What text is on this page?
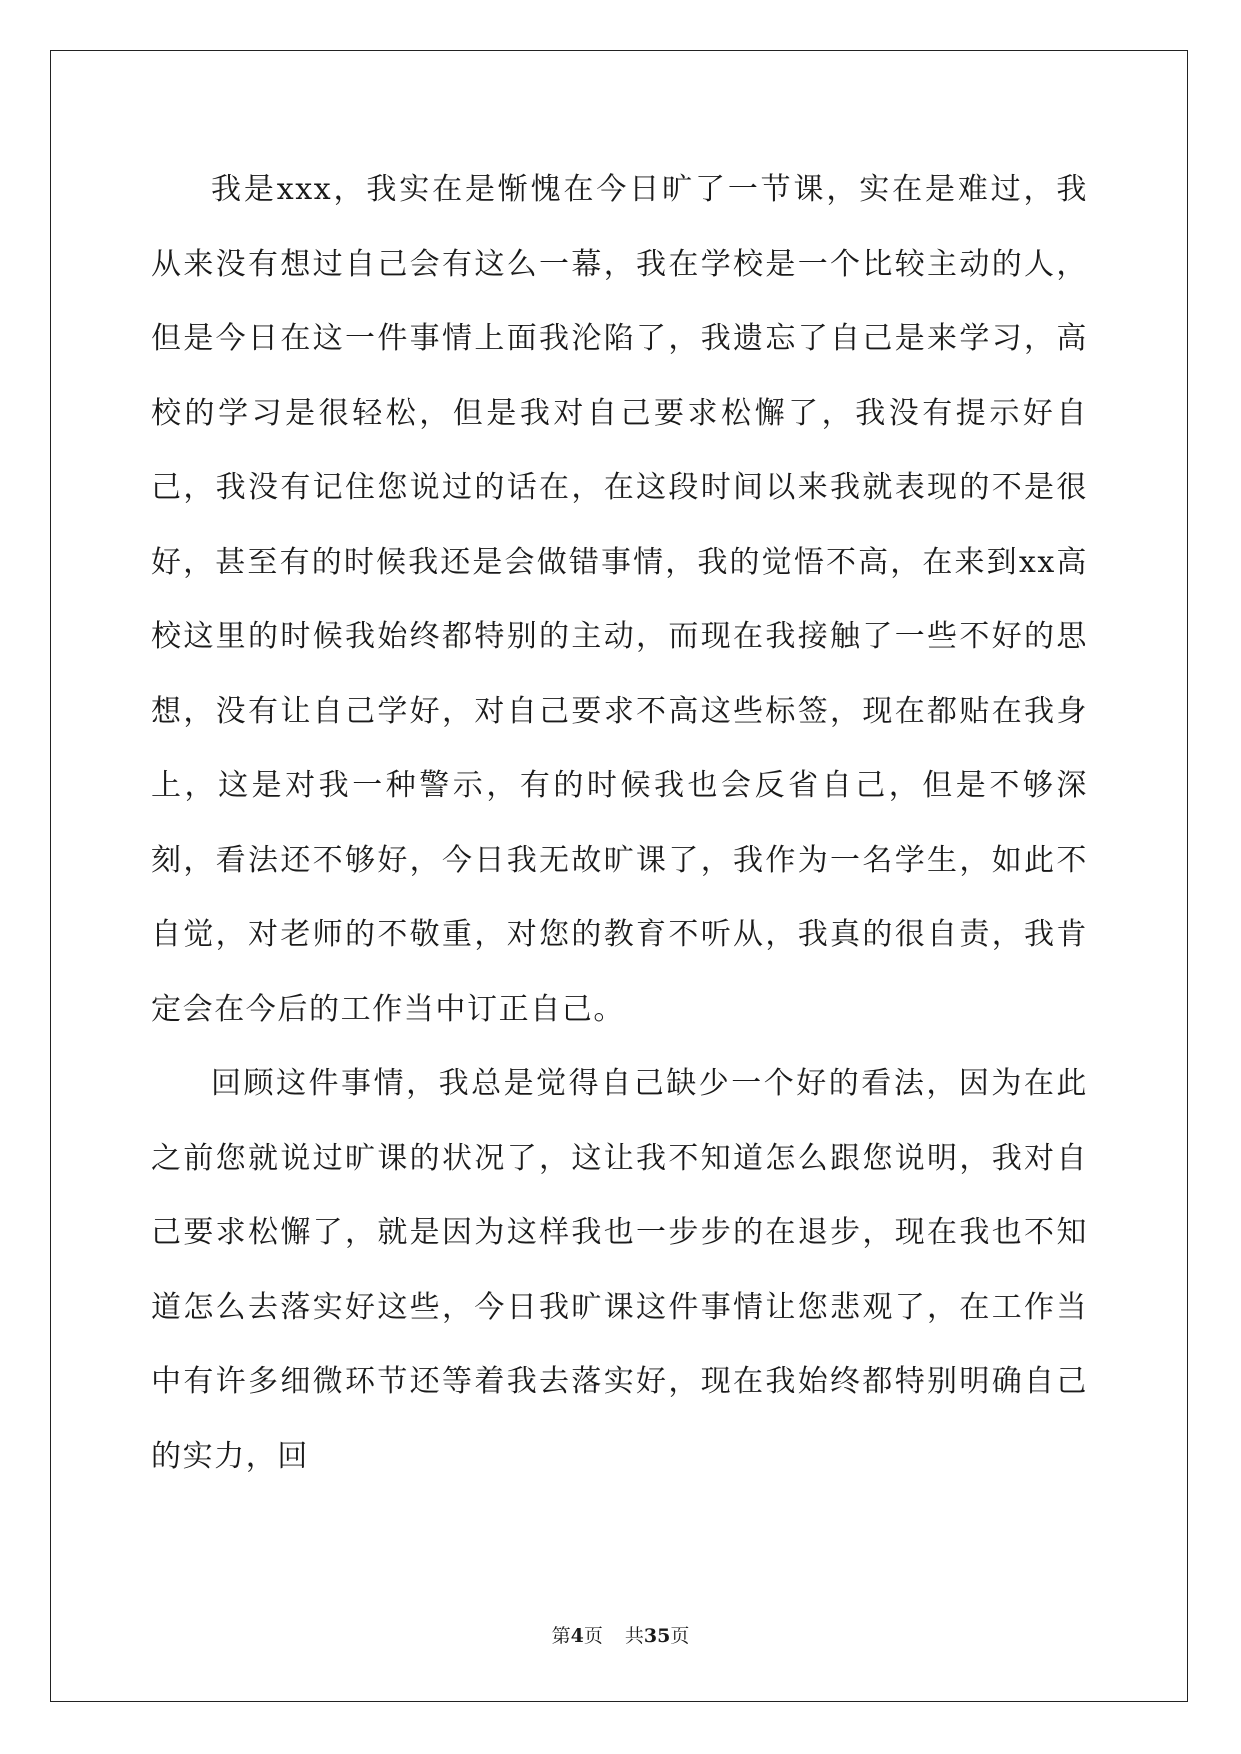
我是xxx，我实在是惭愧在今日旷了一节课，实在是难过，我从来没有想过自己会有这么一幕，我在学校是一个比较主动的人，但是今日在这一件事情上面我沦陷了，我遗忘了自己是来学习，高校的学习是很轻松，但是我对自己要求松懈了，我没有提示好自己，我没有记住您说过的话在，在这段时间以来我就表现的不是很好，甚至有的时候我还是会做错事情，我的觉悟不高，在来到xx高校这里的时候我始终都特别的主动，而现在我接触了一些不好的思想，没有让自己学好，对自己要求不高这些标签，现在都贴在我身上，这是对我一种警示，有的时候我也会反省自己，但是不够深刻，看法还不够好，今日我无故旷课了，我作为一名学生，如此不自觉，对老师的不敬重，对您的教育不听从，我真的很自责，我肯定会在今后的工作当中订正自己。

回顾这件事情，我总是觉得自己缺少一个好的看法，因为在此之前您就说过旷课的状况了，这让我不知道怎么跟您说明，我对自己要求松懈了，就是因为这样我也一步步的在退步，现在我也不知道怎么去落实好这些，今日我旷课这件事情让您悲观了，在工作当中有许多细微环节还等着我去落实好，现在我始终都特别明确自己的实力，回

第4页 共35页
